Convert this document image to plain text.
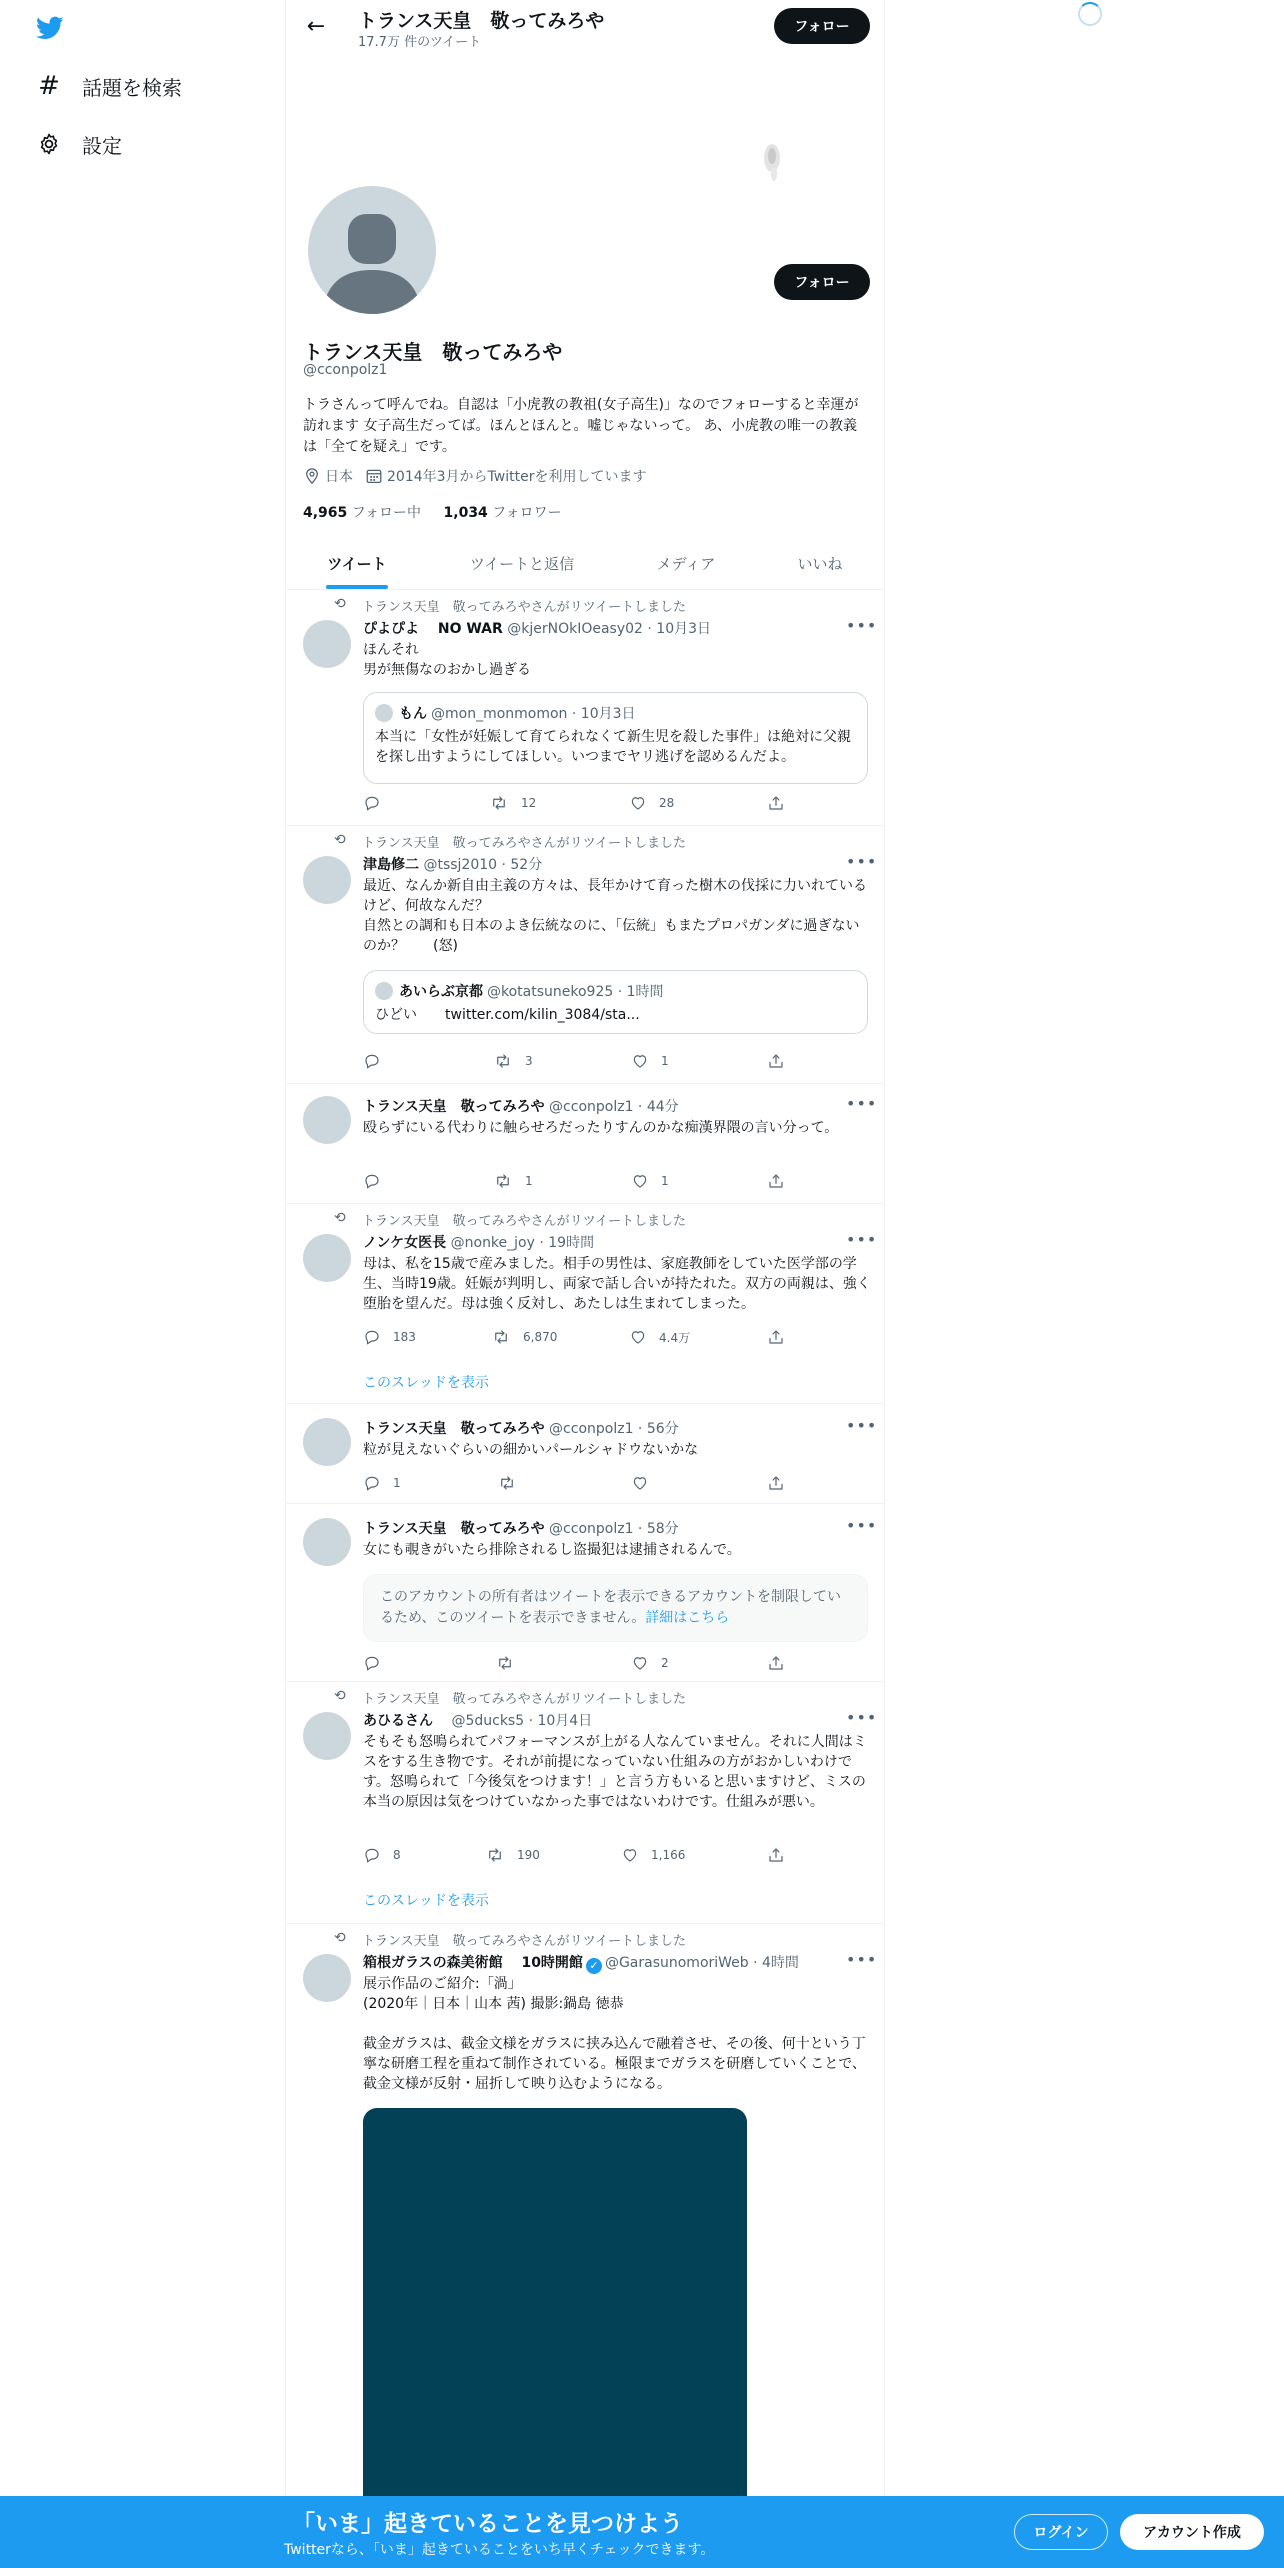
# 話題を検索
設定
←	トランス天皇　敬ってみろや
17.7万 件のツイート
フォロー
フォロー
トランス天皇　敬ってみろや
@cconpolz1
トラさんって呼んでね。自認は「小虎教の教祖(女子高生)」なのでフォローすると幸運が訪れます 女子高生だってば。ほんとほんと。嘘じゃないって。 あ、小虎教の唯一の教義は「全てを疑え」です。
日本 2014年3月からTwitterを利用しています
4,965 フォロー中 1,034 フォロワー
ツイート	ツイートと返信	メディア	いいね
⟲ トランス天皇　敬ってみろやさんがリツイートしました
ぴよぴよ　 NO WAR @kjerNOkIOeasy02 · 10月3日	•••
ほんそれ
男が無傷なのおかし過ぎる
もん @mon_monmomon · 10月3日
本当に「女性が妊娠して育てられなくて新生児を殺した事件」は絶対に父親を探し出すようにしてほしい。いつまでヤリ逃げを認めるんだよ。
12	28
⟲ トランス天皇　敬ってみろやさんがリツイートしました
津島修二 @tssj2010 · 52分	•••
最近、なんか新自由主義の方々は、長年かけて育った樹木の伐採に力いれているけど、何故なんだ？
自然との調和も日本のよき伝統なのに、「伝統」もまたプロパガンダに過ぎないのか？　　(怒)
あいらぶ京都 @kotatsuneko925 · 1時間
ひどい　　twitter.com/kilin_3084/sta...
3	1
トランス天皇　敬ってみろや @cconpolz1 · 44分	•••
殴らずにいる代わりに触らせろだったりすんのかな痴漢界隈の言い分って。
1	1
⟲ トランス天皇　敬ってみろやさんがリツイートしました
ノンケ女医長 @nonke_joy · 19時間	•••
母は、私を15歳で産みました。相手の男性は、家庭教師をしていた医学部の学生、当時19歳。妊娠が判明し、両家で話し合いが持たれた。双方の両親は、強く堕胎を望んだ。母は強く反対し、あたしは生まれてしまった。
183	6,870	4.4万
このスレッドを表示
トランス天皇　敬ってみろや @cconpolz1 · 56分	•••
粒が見えないぐらいの細かいパールシャドウないかな
1
トランス天皇　敬ってみろや @cconpolz1 · 58分	•••
女にも覗きがいたら排除されるし盗撮犯は逮捕されるんで。
このアカウントの所有者はツイートを表示できるアカウントを制限しているため、このツイートを表示できません。詳細はこちら
2
⟲ トランス天皇　敬ってみろやさんがリツイートしました
あひるさん 　@5ducks5 · 10月4日	•••
そもそも怒鳴られてパフォーマンスが上がる人なんていません。それに人間はミスをする生き物です。それが前提になっていない仕組みの方がおかしいわけです。怒鳴られて「今後気をつけます！」と言う方もいると思いますけど、ミスの本当の原因は気をつけていなかった事ではないわけです。仕組みが悪い。
8	190	1,166
このスレッドを表示
⟲ トランス天皇　敬ってみろやさんがリツイートしました
箱根ガラスの森美術館　 10時開館 ✓ @GarasunomoriWeb · 4時間	•••
展示作品のご紹介:「渦」
(2020年｜日本｜山本 茜) 撮影:鍋島 徳恭

截金ガラスは、截金文様をガラスに挟み込んで融着させ、その後、何十という丁寧な研磨工程を重ねて制作されている。極限までガラスを研磨していくことで、截金文様が反射・屈折して映り込むようになる。
「いま」起きていることを見つけよう
Twitterなら、「いま」起きていることをいち早くチェックできます。
ログイン	アカウント作成
